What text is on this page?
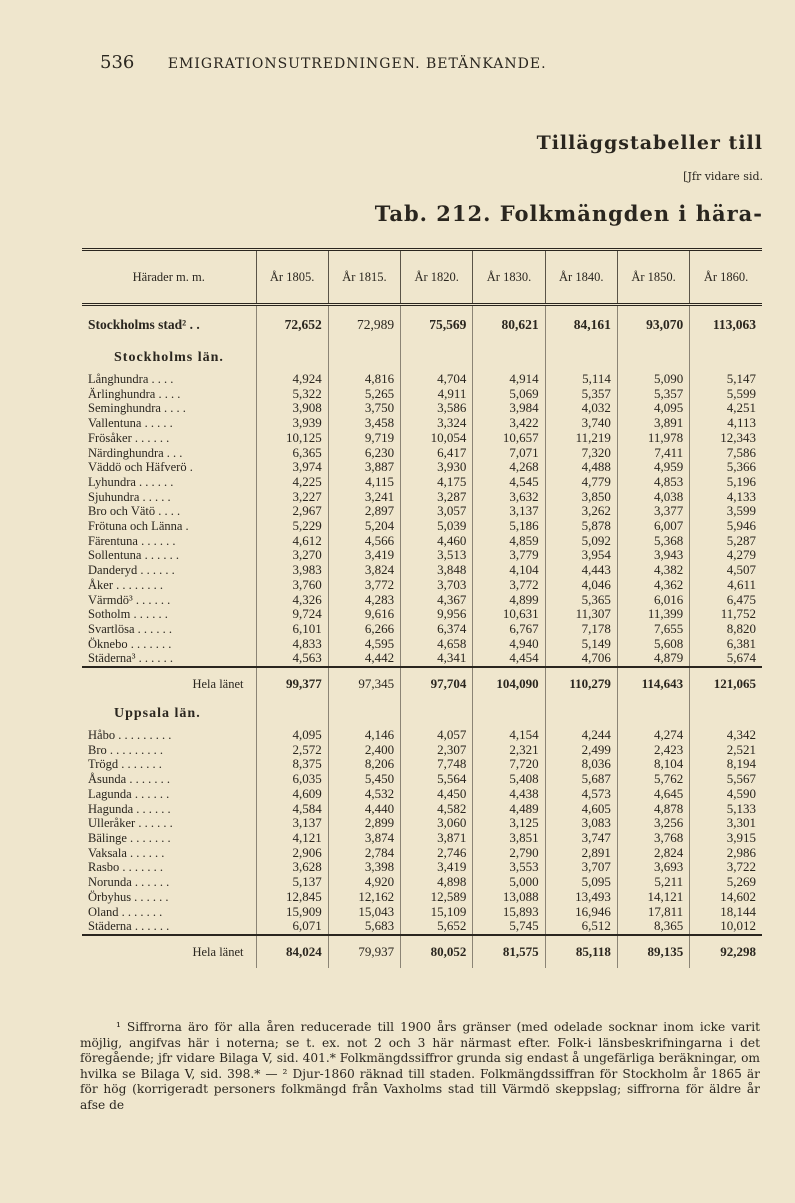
536 EMIGRATIONSUTREDNINGEN. BETÄNKANDE.
Tilläggstabeller till
[Jfr vidare sid.
Tab. 212. Folkmängden i härа-
Härader m. m.	År 1805.	År 1815.	År 1820.	År 1830.	År 1840.	År 1850.	År 1860.
Stockholms stad² . .	72,652	72,989	75,569	80,621	84,161	93,070	113,063
Stockholms län.							
Långhundra . . . .	4,924	4,816	4,704	4,914	5,114	5,090	5,147
Ärlinghundra . . . .	5,322	5,265	4,911	5,069	5,357	5,357	5,599
Seminghundra . . . .	3,908	3,750	3,586	3,984	4,032	4,095	4,251
Vallentuna . . . . .	3,939	3,458	3,324	3,422	3,740	3,891	4,113
Frösåker . . . . . .	10,125	9,719	10,054	10,657	11,219	11,978	12,343
Närdinghundra . . .	6,365	6,230	6,417	7,071	7,320	7,411	7,586
Väddö och Häfverö .	3,974	3,887	3,930	4,268	4,488	4,959	5,366
Lyhundra . . . . . .	4,225	4,115	4,175	4,545	4,779	4,853	5,196
Sjuhundra . . . . .	3,227	3,241	3,287	3,632	3,850	4,038	4,133
Bro och Vätö . . . .	2,967	2,897	3,057	3,137	3,262	3,377	3,599
Frötuna och Länna .	5,229	5,204	5,039	5,186	5,878	6,007	5,946
Färentuna . . . . . .	4,612	4,566	4,460	4,859	5,092	5,368	5,287
Sollentuna . . . . . .	3,270	3,419	3,513	3,779	3,954	3,943	4,279
Danderyd . . . . . .	3,983	3,824	3,848	4,104	4,443	4,382	4,507
Åker . . . . . . . .	3,760	3,772	3,703	3,772	4,046	4,362	4,611
Värmdö³ . . . . . .	4,326	4,283	4,367	4,899	5,365	6,016	6,475
Sotholm . . . . . .	9,724	9,616	9,956	10,631	11,307	11,399	11,752
Svartlösa . . . . . .	6,101	6,266	6,374	6,767	7,178	7,655	8,820
Öknebo . . . . . . .	4,833	4,595	4,658	4,940	5,149	5,608	6,381
Städerna³ . . . . . .	4,563	4,442	4,341	4,454	4,706	4,879	5,674
Hela länet	99,377	97,345	97,704	104,090	110,279	114,643	121,065
Uppsala län.							
Håbo . . . . . . . . .	4,095	4,146	4,057	4,154	4,244	4,274	4,342
Bro . . . . . . . . .	2,572	2,400	2,307	2,321	2,499	2,423	2,521
Trögd . . . . . . .	8,375	8,206	7,748	7,720	8,036	8,104	8,194
Åsunda . . . . . . .	6,035	5,450	5,564	5,408	5,687	5,762	5,567
Lagunda . . . . . .	4,609	4,532	4,450	4,438	4,573	4,645	4,590
Hagunda . . . . . .	4,584	4,440	4,582	4,489	4,605	4,878	5,133
Ulleråker . . . . . .	3,137	2,899	3,060	3,125	3,083	3,256	3,301
Bälinge . . . . . . .	4,121	3,874	3,871	3,851	3,747	3,768	3,915
Vaksala . . . . . .	2,906	2,784	2,746	2,790	2,891	2,824	2,986
Rasbo . . . . . . .	3,628	3,398	3,419	3,553	3,707	3,693	3,722
Norunda . . . . . .	5,137	4,920	4,898	5,000	5,095	5,211	5,269
Örbyhus . . . . . .	12,845	12,162	12,589	13,088	13,493	14,121	14,602
Oland . . . . . . .	15,909	15,043	15,109	15,893	16,946	17,811	18,144
Städerna . . . . . .	6,071	5,683	5,652	5,745	6,512	8,365	10,012
Hela länet	84,024	79,937	80,052	81,575	85,118	89,135	92,298

¹ Siffrorna äro för alla åren reducerade till 1900 års gränser (med odelade socknar inom icke varit möjlig, angifvas här i noterna; se t. ex. not 2 och 3 här närmast efter. Folk-i länsbeskrifningarna i det föregående; jfr vidare Bilaga V, sid. 401.* Folkmängdssiffror grunda sig endast å ungefärliga beräkningar, om hvilka se Bilaga V, sid. 398.* — ² Djur-1860 räknad till staden. Folkmängdssiffran för Stockholm år 1865 är för hög (korrigeradt personers folkmängd från Vaxholms stad till Värmdö skeppslag; siffrorna för äldre år afse de
